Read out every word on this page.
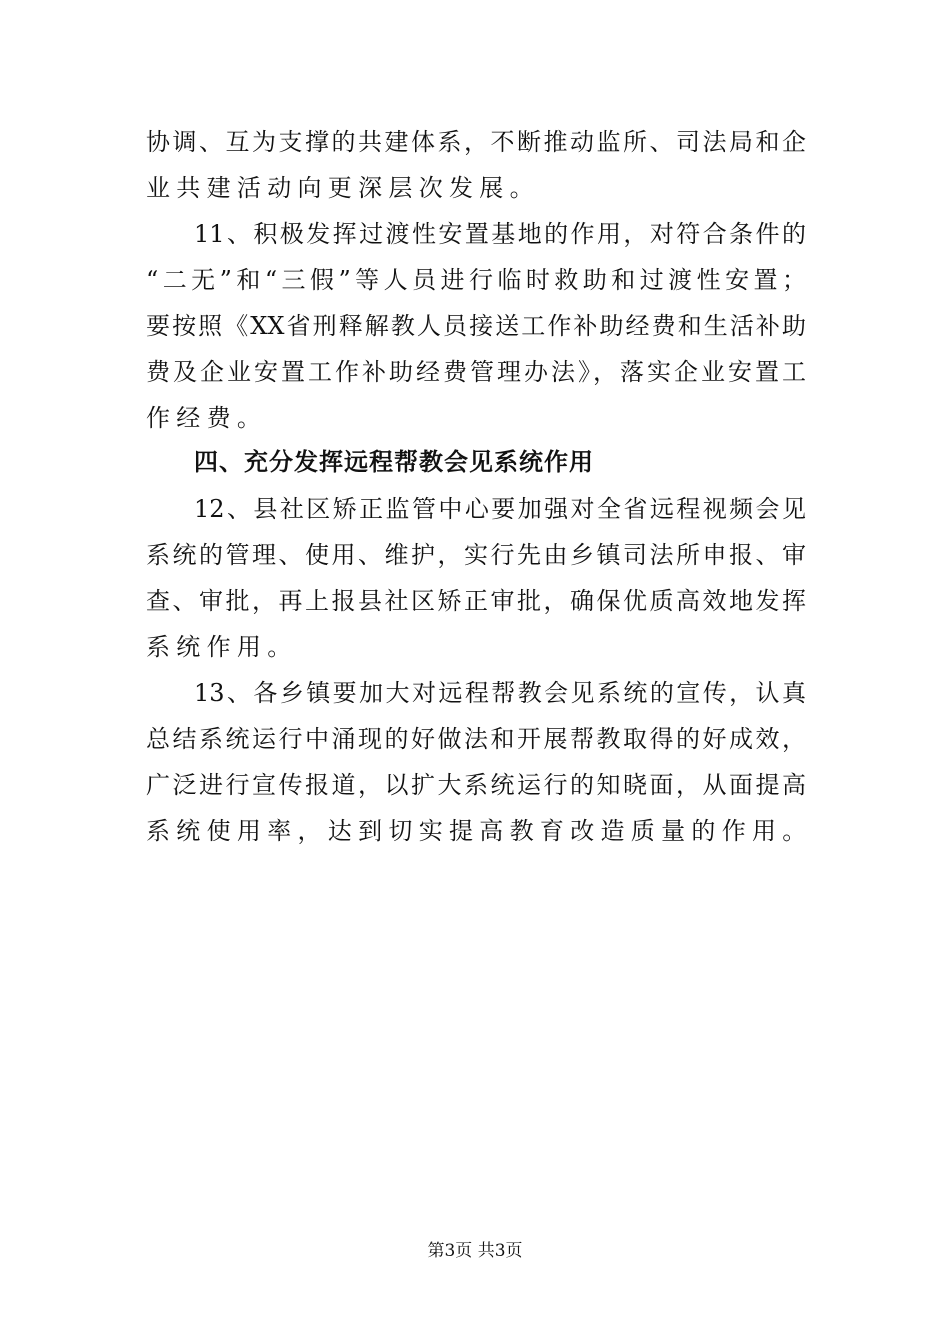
协调、互为支撑的共建体系，不断推动监所、司法局和企
业共建活动向更深层次发展。
11、积极发挥过渡性安置基地的作用，对符合条件的
“二无”和“三假”等人员进行临时救助和过渡性安置；
要按照《XX省刑释解教人员接送工作补助经费和生活补助
费及企业安置工作补助经费管理办法》，落实企业安置工
作经费。
四、充分发挥远程帮教会见系统作用
12、县社区矫正监管中心要加强对全省远程视频会见
系统的管理、使用、维护，实行先由乡镇司法所申报、审
查、审批，再上报县社区矫正审批，确保优质高效地发挥
系统作用。
13、各乡镇要加大对远程帮教会见系统的宣传，认真
总结系统运行中涌现的好做法和开展帮教取得的好成效，
广泛进行宣传报道，以扩大系统运行的知晓面，从面提高
系统使用率，达到切实提高教育改造质量的作用。
第3页 共3页
